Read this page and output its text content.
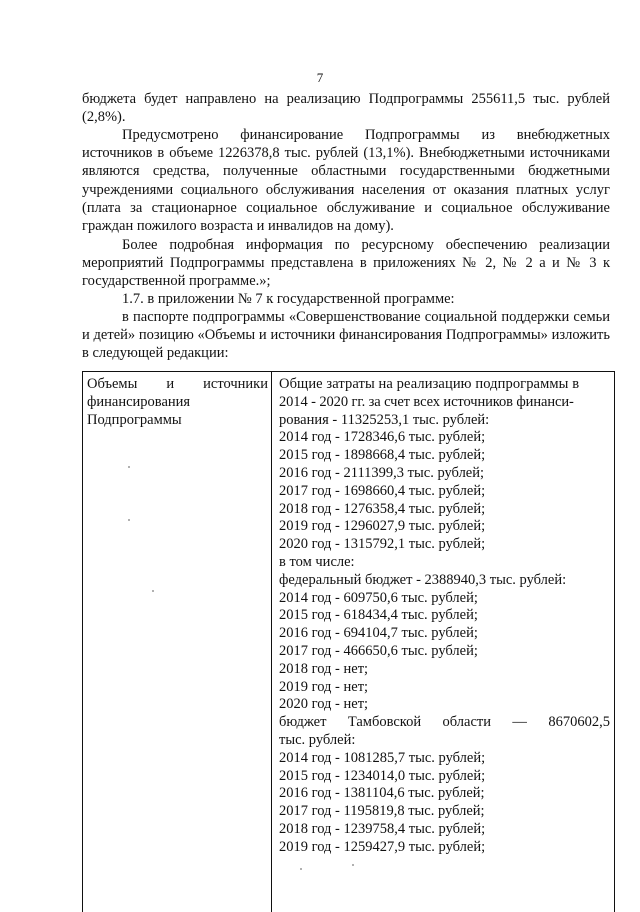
7

бюджета будет направлено на реализацию Подпрограммы 255611,5 тыс. рублей (2,8%).

Предусмотрено финансирование Подпрограммы из внебюджетных источников в объеме 1226378,8 тыс. рублей (13,1%). Внебюджетными источниками являются средства, полученные областными государственными бюджетными учреждениями социального обслуживания населения от оказания платных услуг (плата за стационарное социальное обслуживание и социальное обслуживание граждан пожилого возраста и инвалидов на дому).

Более подробная информация по ресурсному обеспечению реализации мероприятий Подпрограммы представлена в приложениях № 2, № 2 а и № 3 к государственной программе.»;

1.7. в приложении № 7 к государственной программе:

в паспорте подпрограммы «Совершенствование социальной поддержки семьи и детей» позицию «Объемы и источники финансирования Подпрограммы» изложить в следующей редакции:

Объемы и источники
финансирования
Подпрограммы
Общие затраты на реализацию подпрограммы в
2014 - 2020 гг. за счет всех источников финанси-
рования - 11325253,1 тыс. рублей:
2014 год - 1728346,6 тыс. рублей;
2015 год - 1898668,4 тыс. рублей;
2016 год - 2111399,3 тыс. рублей;
2017 год - 1698660,4 тыс. рублей;
2018 год - 1276358,4 тыс. рублей;
2019 год - 1296027,9 тыс. рублей;
2020 год - 1315792,1 тыс. рублей;
в том числе:
федеральный бюджет - 2388940,3 тыс. рублей:
2014 год - 609750,6 тыс. рублей;
2015 год - 618434,4 тыс. рублей;
2016 год - 694104,7 тыс. рублей;
2017 год - 466650,6 тыс. рублей;
2018 год - нет;
2019 год - нет;
2020 год - нет;
бюджет Тамбовской области — 8670602,5
тыс. рублей:
2014 год - 1081285,7 тыс. рублей;
2015 год - 1234014,0 тыс. рублей;
2016 год - 1381104,6 тыс. рублей;
2017 год - 1195819,8 тыс. рублей;
2018 год - 1239758,4 тыс. рублей;
2019 год - 1259427,9 тыс. рублей;
